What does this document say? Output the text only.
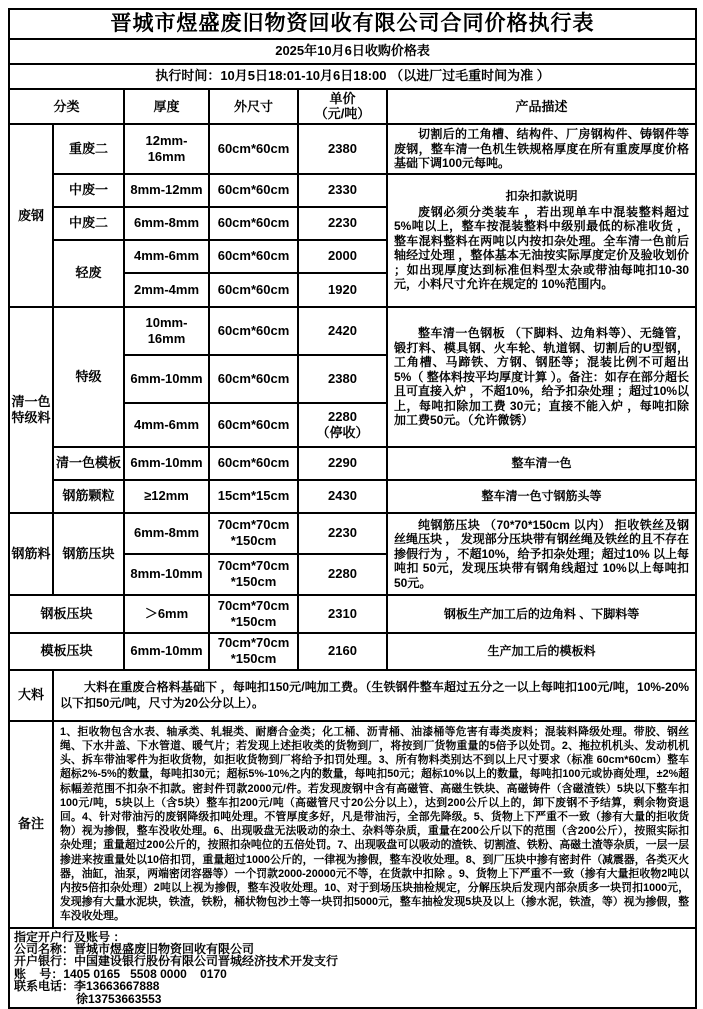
晋城市煜盛废旧物资回收有限公司合同价格执行表					
2025年10月6日收购价格表					
执行时间：10月5日18:01-10月6日18:00 （以进厂过毛重时间为准 ）					
分类		厚度	外尺寸	单价
（元/吨）	产品描述
废钢	重废二	12mm-16mm	60cm*60cm	2380	切割后的工角槽、结构件、厂房钢构件、铸钢件等废钢，整车清一色机生铁规格厚度在所有重废厚度价格基础下调100元每吨。

	中废一	8mm-12mm	60cm*60cm	2330	扣杂扣款说明

废钢必须分类装车 ，若出现单车中混装整料超过 5%吨以上，整车按混装整料中级别最低的标准收货 ，整车混料整料在两吨以内按扣杂处理。全车清一色前后轴经过处理 ，整体基本无油按实际厚度定价及验收划价 ；如出现厚度达到标准但料型太杂或带油每吨扣10-30元，小料尺寸允许在规定的 10%范围内。

	中废二	6mm-8mm	60cm*60cm	2230	
	轻废	4mm-6mm	60cm*60cm	2000	
		2mm-4mm	60cm*60cm	1920	
清一色特级料	特级	10mm-16mm	60cm*60cm	2420	整车清一色钢板 （下脚料、边角料等）、无缝管， 锻打料、模具钢、火车轮、轨道钢、切割后的U型钢，工角槽、马蹄铁、方钢、钢胚等；混装比例不可超出 5%（ 整体料按平均厚度计算 ）。备注：如存在部分超长且可直接入炉 ，不超10%，给予扣杂处理 ；超过10%以上，每吨扣除加工费 30元；直接不能入炉 ，每吨扣除加工费50元。（允许微锈）

		6mm-10mm	60cm*60cm	2380	
		4mm-6mm	60cm*60cm	2280
（停收）	

	清一色模板	6mm-10mm	60cm*60cm	2290	整车清一色
	钢筋颗粒	≥12mm	15cm*15cm	2430	整车清一色寸钢筋头等
钢筋料	钢筋压块	6mm-8mm	70cm*70cm
*150cm	2230	纯钢筋压块 （70*70*150cm 以内） 拒收铁丝及钢丝绳压块 ， 发现部分压块带有钢丝绳及铁丝的且不存在掺假行为 ，不超10%，给予扣杂处理；超过10% 以上每吨扣 50元，发现压块带有钢角线超过 10%以上每吨扣 50元。

		8mm-10mm	70cm*70cm
*150cm	2280	
钢板压块		＞6mm	70cm*70cm
*150cm	2310	钢板生产加工后的边角料 、下脚料等
模板压块		6mm-10mm	70cm*70cm
*150cm	2160	生产加工后的模板料
大料	大料在重废合格料基础下 ，每吨扣150元/吨加工费。（生铁钢件整车超过五分之一以上每吨扣100元/吨，10%-20% 以下扣50元/吨，尺寸为20公分以上）。				

备注	1、拒收物包含水表、轴承类、轧辊类、耐磨合金类；化工桶、沥青桶、油漆桶等危害有毒类废料；混装料降级处理。带胶、钢丝绳、下水井盖、下水管道、暖气片；若发现上述拒收类的货物到厂，将按到厂货物重量的5倍予以处罚。2、拖拉机机头、发动机机头、拆车带油零件为拒收货物，如拒收货物到厂将给予扣罚处理。3、所有物料类别达不到以上尺寸要求（标准 60cm*60cm）整车超标2%-5%的数量，每吨扣30元；超标5%-10%之内的数量，每吨扣50元；超标10%以上的数量，每吨扣100元或协商处理，±2%超标幅差范围不扣杂不扣款。密封件罚款2000元/件。若发现废钢中含有高磁管、高磁生铁块、高磁铸件（含磁渣铁）5块以下整车扣100元/吨，5块以上（含5块）整车扣200元/吨（高磁管尺寸20公分以上），达到200公斤以上的，卸下废钢不予结算，剩余物资退回。4、针对带油污的废钢降级扣吨处理。不管厚度多好，凡是带油污，全部先降级。5、货物上下严重不一致（掺有大量的拒收货物）视为掺假，整车没收处理。6、出现吸盘无法吸动的杂土、杂料等杂质，重量在200公斤以下的范围（含200公斤），按照实际扣杂处理；重量超过200公斤的，按照扣杂吨位的五倍处罚。7、出现吸盘可以吸动的渣铁、切割渣、铁粉、高磁土渣等杂质，一层一层掺进来按重量处以10倍扣罚，重量超过1000公斤的，一律视为掺假，整车没收处理。8、到厂压块中掺有密封件（减震器，各类灭火器，油缸，油泵，两端密闭容器等）一个罚款2000-20000元不等，在货款中扣除 。9、货物上下严重不一致（掺有大量拒收物2吨以内按5倍扣杂处理）2吨以上视为掺假，整车没收处理。10、对于到场压块抽检规定，分解压块后发现内部杂质多一块罚扣1000元，发现掺有大量水泥块，铁渣，铁粉，桶状物包沙土等一块罚扣5000元，整车抽检发现5块及以上（掺水泥，铁渣，等）视为掺假，整车没收处理。				

指定开户行及账号 ：
公司名称：晋城市煜盛废旧物资回收有限公司
开户银行：中国建设银行股份有限公司晋城经济技术开发支行
账    号：1405 0165   5508 0000    0170
联系电话：李13663667888
徐13753663553
